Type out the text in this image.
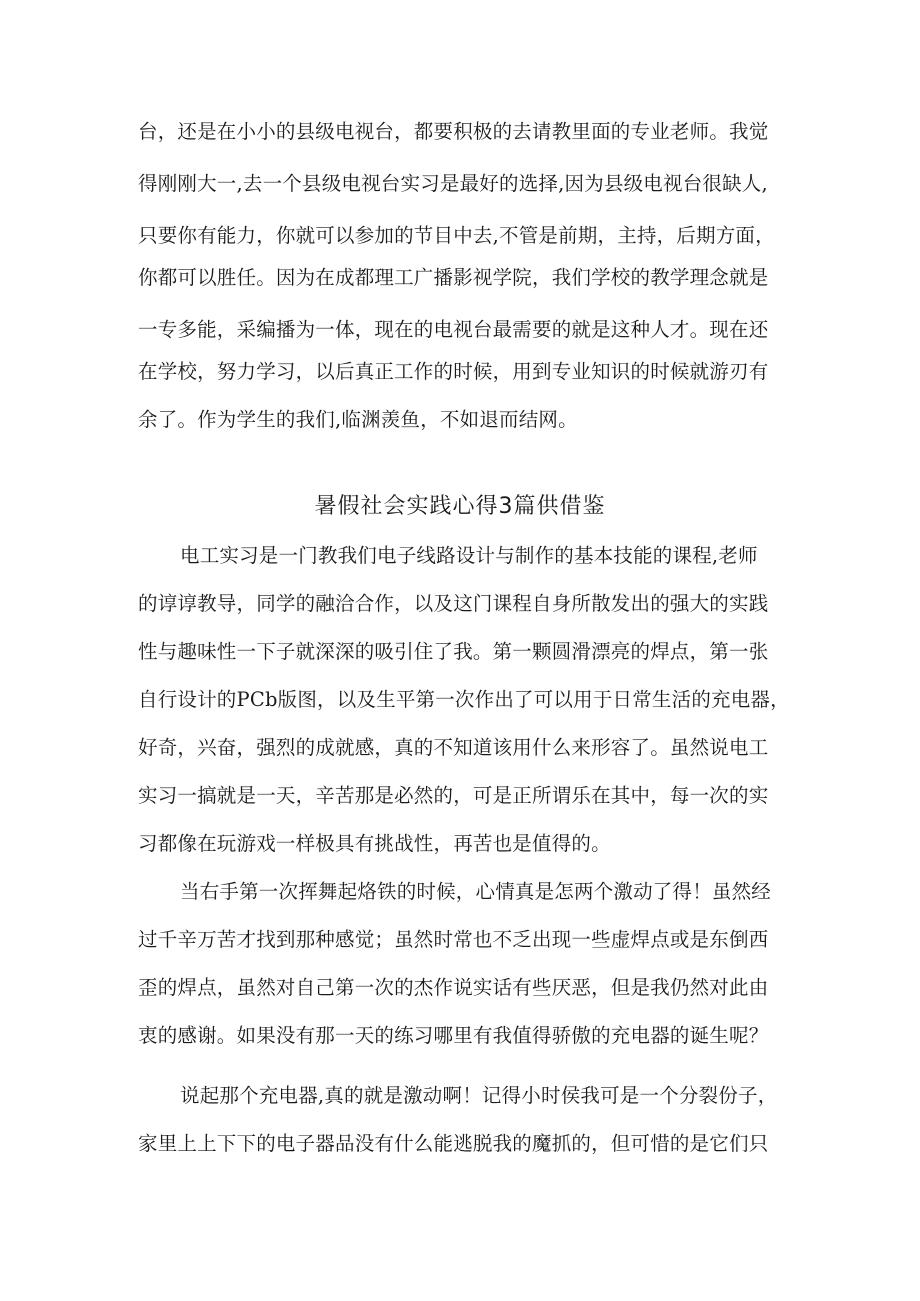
台，还是在小小的县级电视台，都要积极的去请教里面的专业老师。我觉
得刚刚大一,去一个县级电视台实习是最好的选择,因为县级电视台很缺人,
只要你有能力，你就可以参加的节目中去,不管是前期，主持，后期方面，
你都可以胜任。因为在成都理工广播影视学院，我们学校的教学理念就是
一专多能，采编播为一体，现在的电视台最需要的就是这种人才。现在还
在学校，努力学习，以后真正工作的时候，用到专业知识的时候就游刃有
余了。作为学生的我们,临渊羡鱼，不如退而结网。
暑假社会实践心得3篇供借鉴
电工实习是一门教我们电子线路设计与制作的基本技能的课程,老师
的谆谆教导，同学的融洽合作，以及这门课程自身所散发出的强大的实践
性与趣味性一下子就深深的吸引住了我。第一颗圆滑漂亮的焊点，第一张
自行设计的PCb版图，以及生平第一次作出了可以用于日常生活的充电器，
好奇，兴奋，强烈的成就感，真的不知道该用什么来形容了。虽然说电工
实习一搞就是一天，辛苦那是必然的，可是正所谓乐在其中，每一次的实
习都像在玩游戏一样极具有挑战性，再苦也是值得的。
当右手第一次挥舞起烙铁的时候，心情真是怎两个激动了得！虽然经
过千辛万苦才找到那种感觉；虽然时常也不乏出现一些虚焊点或是东倒西
歪的焊点，虽然对自己第一次的杰作说实话有些厌恶，但是我仍然对此由
衷的感谢。如果没有那一天的练习哪里有我值得骄傲的充电器的诞生呢？
说起那个充电器,真的就是激动啊！记得小时侯我可是一个分裂份子，
家里上上下下的电子器品没有什么能逃脱我的魔抓的，但可惜的是它们只
